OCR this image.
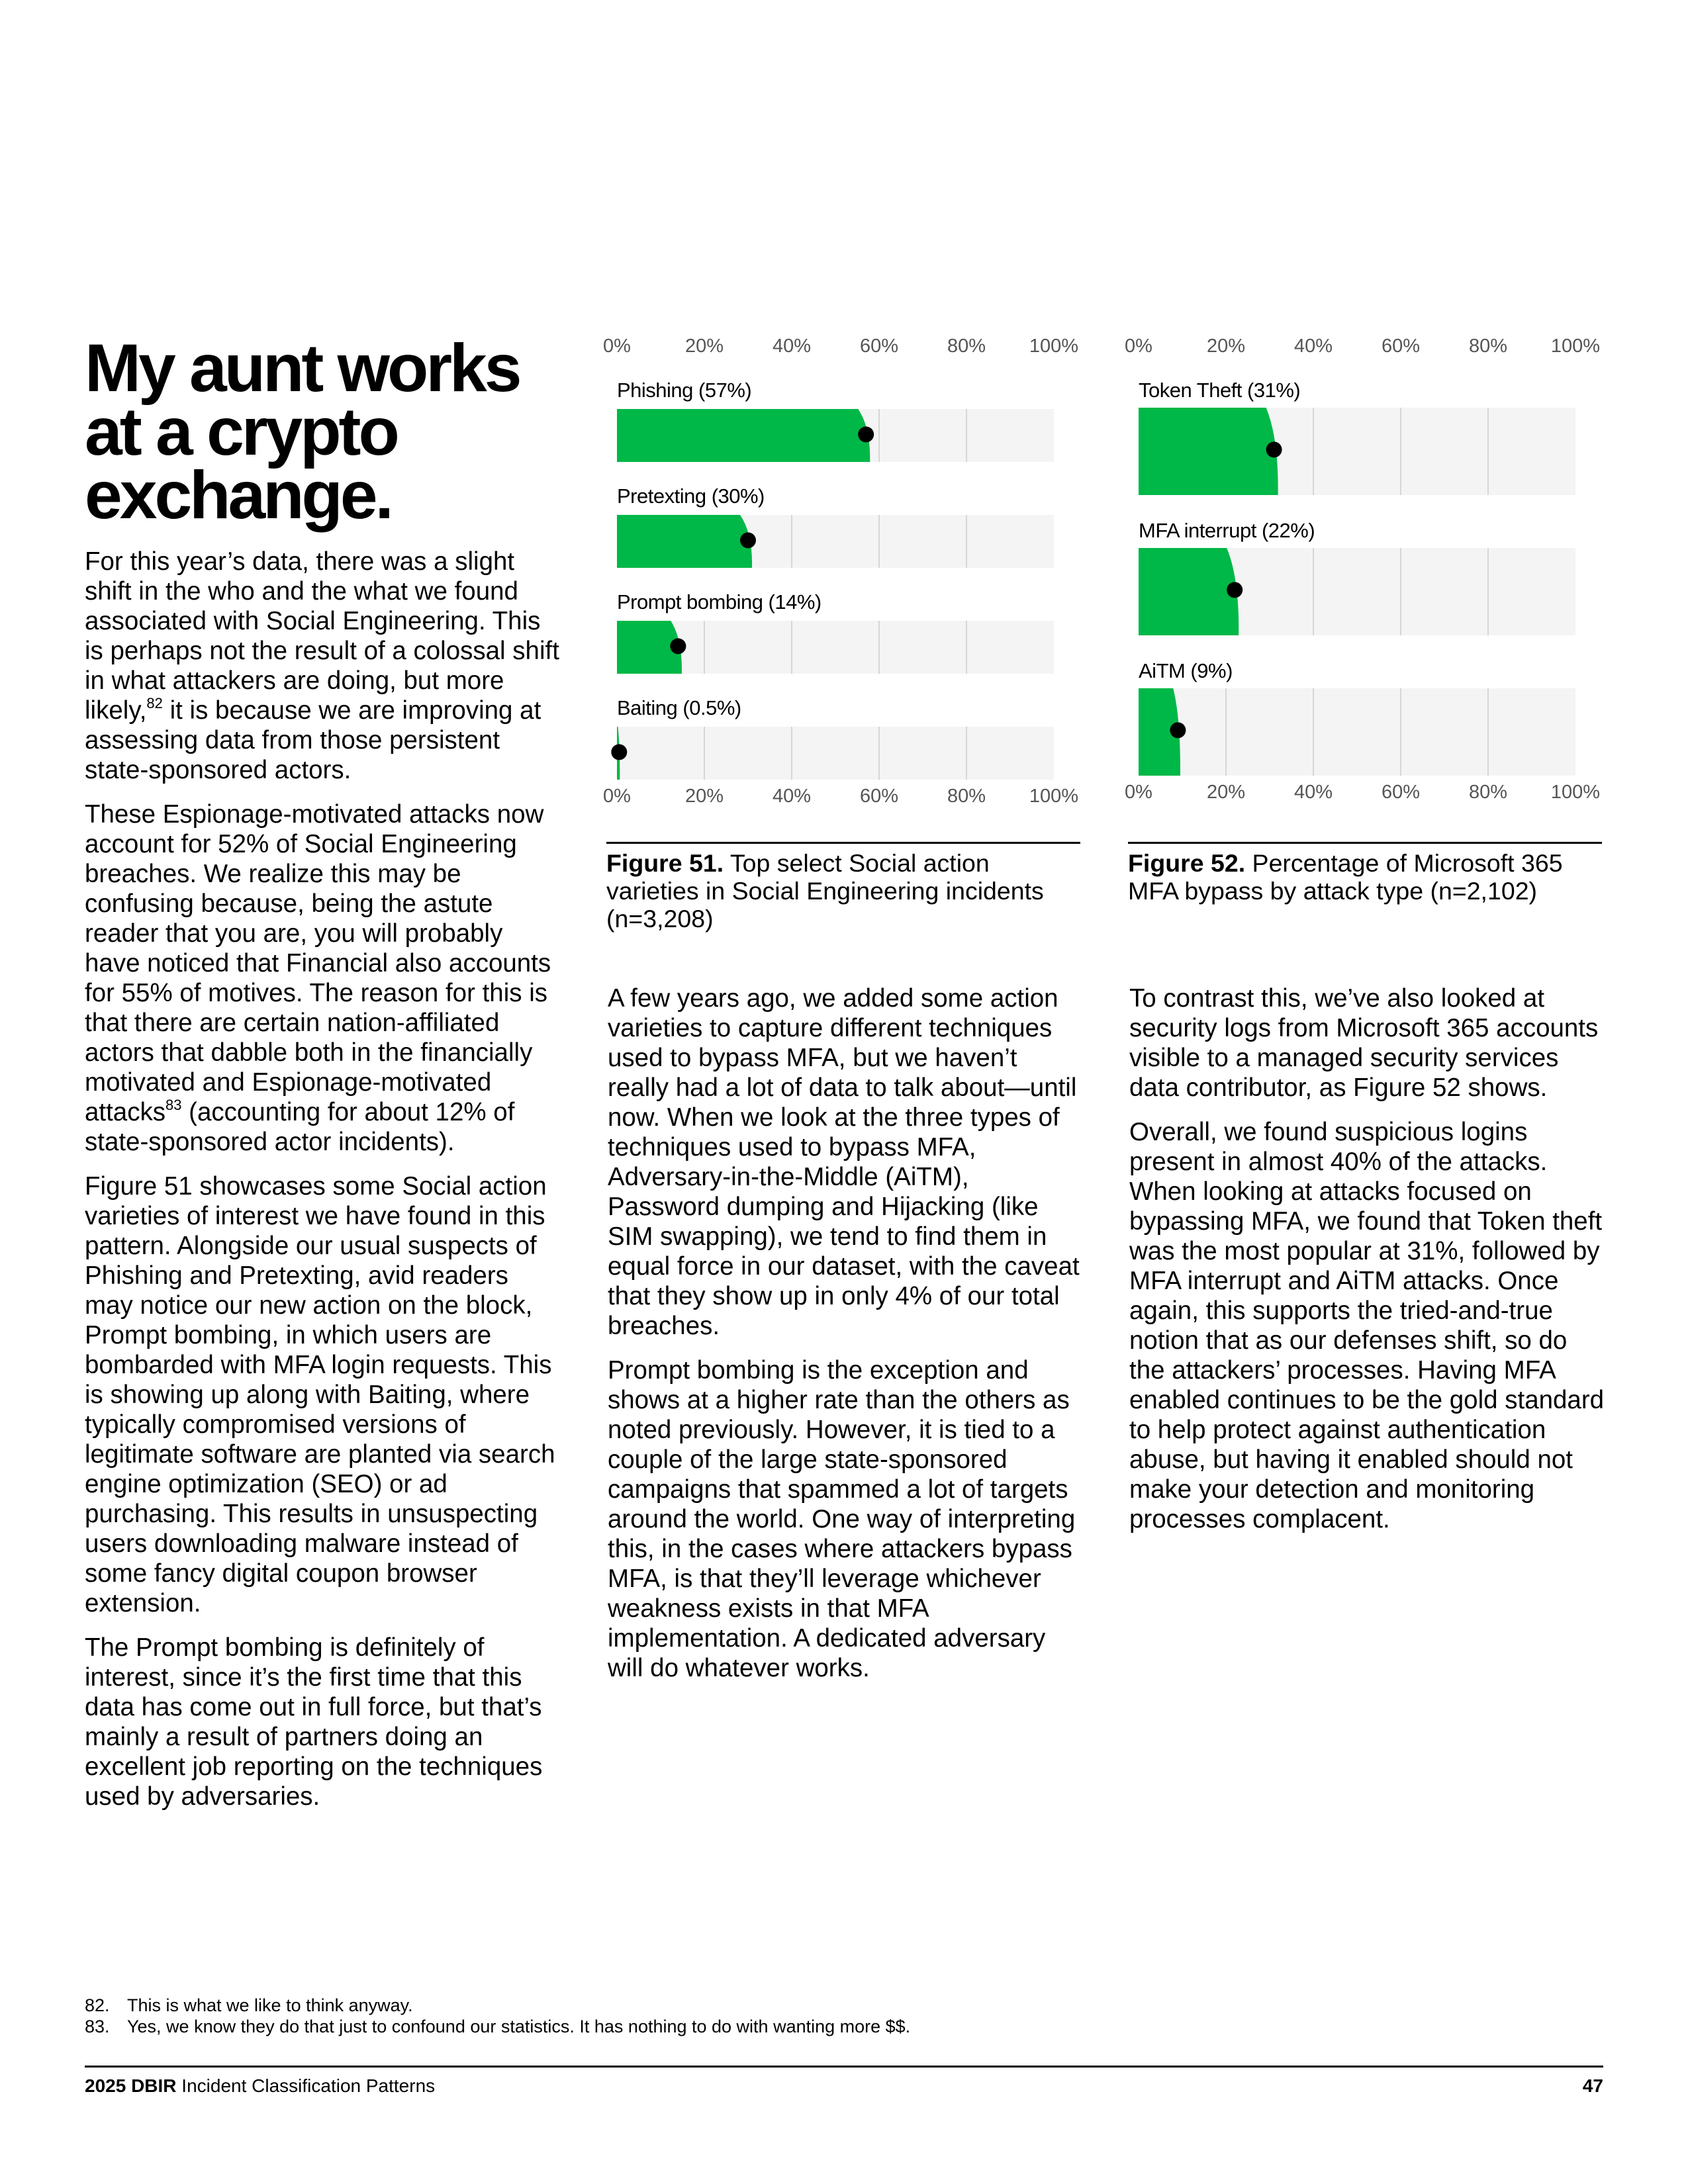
My aunt works at a crypto exchange.

For this year’s data, there was a slight shift in the who and the what we found associated with Social Engineering. This is perhaps not the result of a colossal shift in what attackers are doing, but more likely,$^{82}$ it is because we are improving at assessing data from those persistent state-sponsored actors.

These Espionage-motivated attacks now account for 52% of Social Engineering breaches. We realize this may be confusing because, being the astute reader that you are, you will probably have noticed that Financial also accounts for 55% of motives. The reason for this is that there are certain nation-affiliated actors that dabble both in the financially motivated and Espionage-motivated attacks$^{83}$ (accounting for about 12% of state-sponsored actor incidents).

Figure 51 showcases some Social action varieties of interest we have found in this pattern. Alongside our usual suspects of Phishing and Pretexting, avid readers may notice our new action on the block, Prompt bombing, in which users are bombarded with MFA login requests. This is showing up along with Baiting, where typically compromised versions of legitimate software are planted via search engine optimization (SEO) or ad purchasing. This results in unsuspecting users downloading malware instead of some fancy digital coupon browser extension.

The Prompt bombing is definitely of interest, since it’s the first time that this data has come out in full force, but that’s mainly a result of partners doing an excellent job reporting on the techniques used by adversaries.

0%
0%
20%
20%
40%
40%
60%
60%
80%
80%
100%
100%
Phishing (57%)
Pretexting (30%)
Prompt bombing (14%)
Baiting (0.5%)
0%
0%
20%
20%
40%
40%
60%
60%
80%
80%
100%
100%
Token Theft (31%)
MFA interrupt (22%)
AiTM (9%)
Figure 51. Top select Social action varieties in Social Engineering incidents (n=3,208)
Figure 52. Percentage of Microsoft 365 MFA bypass by attack type (n=2,102)

A few years ago, we added some action varieties to capture different techniques used to bypass MFA, but we haven’t really had a lot of data to talk about—until now. When we look at the three types of techniques used to bypass MFA, Adversary-in-the-Middle (AiTM), Password dumping and Hijacking (like SIM swapping), we tend to find them in equal force in our dataset, with the caveat that they show up in only 4% of our total breaches.

Prompt bombing is the exception and shows at a higher rate than the others as noted previously. However, it is tied to a couple of the large state-sponsored campaigns that spammed a lot of targets around the world. One way of interpreting this, in the cases where attackers bypass MFA, is that they’ll leverage whichever weakness exists in that MFA implementation. A dedicated adversary will do whatever works.

To contrast this, we’ve also looked at security logs from Microsoft 365 accounts visible to a managed security services data contributor, as Figure 52 shows.

Overall, we found suspicious logins present in almost 40% of the attacks. When looking at attacks focused on bypassing MFA, we found that Token theft was the most popular at 31%, followed by MFA interrupt and AiTM attacks. Once again, this supports the tried-and-true notion that as our defenses shift, so do the attackers’ processes. Having MFA enabled continues to be the gold standard to help protect against authentication abuse, but having it enabled should not make your detection and monitoring processes complacent.

82. This is what we like to think anyway.
83. Yes, we know they do that just to confound our statistics. It has nothing to do with wanting more $$.
2025 DBIR Incident Classification Patterns	47
